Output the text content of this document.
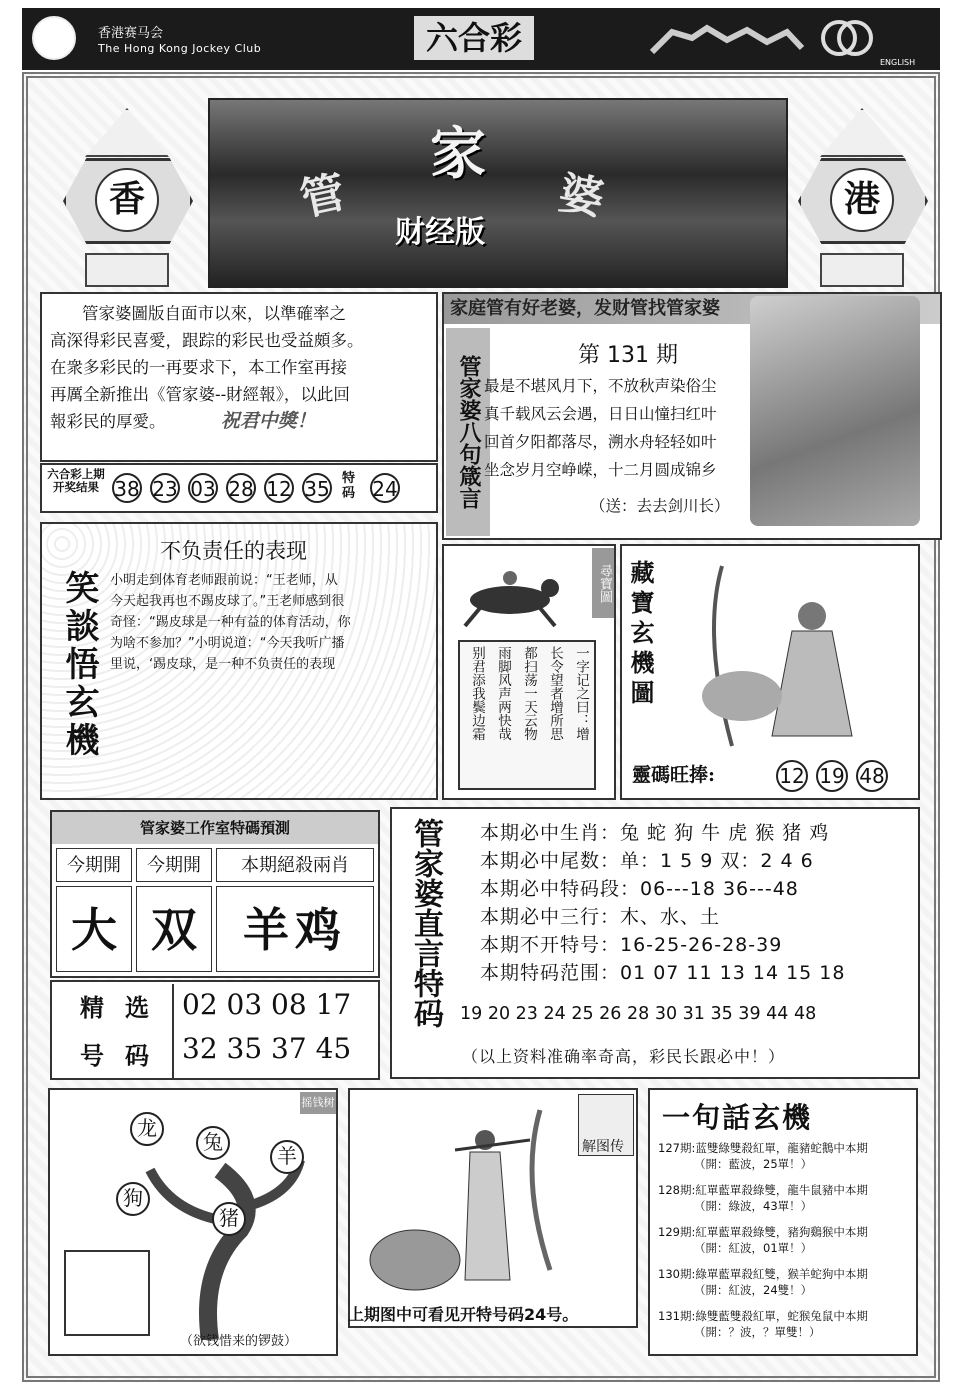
香港赛马会
The Hong Kong Jockey Club	六合彩
ENGLISH
香	港
管
家
婆
财经版
管家婆圖版自面市以來，以準確率之
高深得彩民喜愛，跟踪的彩民也受益頗多。
在衆多彩民的一再要求下，本工作室再接
再厲全新推出《管家婆--財經報》，以此回
報彩民的厚愛。	祝君中獎！
六合彩上期开奖结果 38 23 03 28 12 35 特码 24
家庭管有好老婆，发财管找管家婆
管家婆八句箴言	第 131 期
最是不堪风月下，不放秋声染俗尘
真千载风云会遇，日日山憧扫红叶
回首夕阳都落尽，溯水舟轻轻如叶
坐念岁月空峥嵘，十二月圆成锦乡
（送：去去剑川长）
笑談悟玄機
不负责任的表现
小明走到体育老师跟前说：“王老师，从
今天起我再也不踢皮球了。”王老师感到很
奇怪：“踢皮球是一种有益的体育活动，你
为啥不参加？”小明说道：“今天我听广播
里说，‘踢皮球，是一种不负责任的表现
尋寶圖
一字记之曰：增
长令望者增所思
都扫荡一天云物
雨脚风声两快哉
别君添我鬓边霜	藏寶玄機圖
靈碼旺捧:	12 19 48
管家婆工作室特碼預測
今期開	今期開	本期絕殺兩肖
大 双	羊鸡
精 选
号 码
02 03 08 17
32 35 37 45
管家婆直言特码 本期必中生肖：兔 蛇 狗 牛 虎 猴 猪 鸡
本期必中尾数：单：1 5 9 双：2 4 6
本期必中特码段：06---18 36---48
本期必中三行：木、水、土
本期不开特号：16-25-26-28-39
本期特码范围：01 07 11 13 14 15 18
19 20 23 24 25 26 28 30 31 35 39 44 48
（以上资料准确率奇高，彩民长跟必中！）
摇钱树
龙
兔
羊
狗
猪
（欲钱惜来的锣鼓）
解图传
上期图中可看见开特号码24号。
一句話玄機
127期:蓝雙綠雙殺紅單，龍豬蛇鵝中本期
（開：藍波，25單！）
128期:紅單藍單殺綠雙，龍牛鼠豬中本期
（開：綠波，43單！）
129期:紅單藍單殺綠雙，豬狗鷄猴中本期
（開：紅波，01單！）
130期:綠單藍單殺紅雙，猴羊蛇狗中本期
（開：紅波，24雙！）
131期:綠雙藍雙殺紅單，蛇猴兔鼠中本期
（開：？波，？單雙！）
